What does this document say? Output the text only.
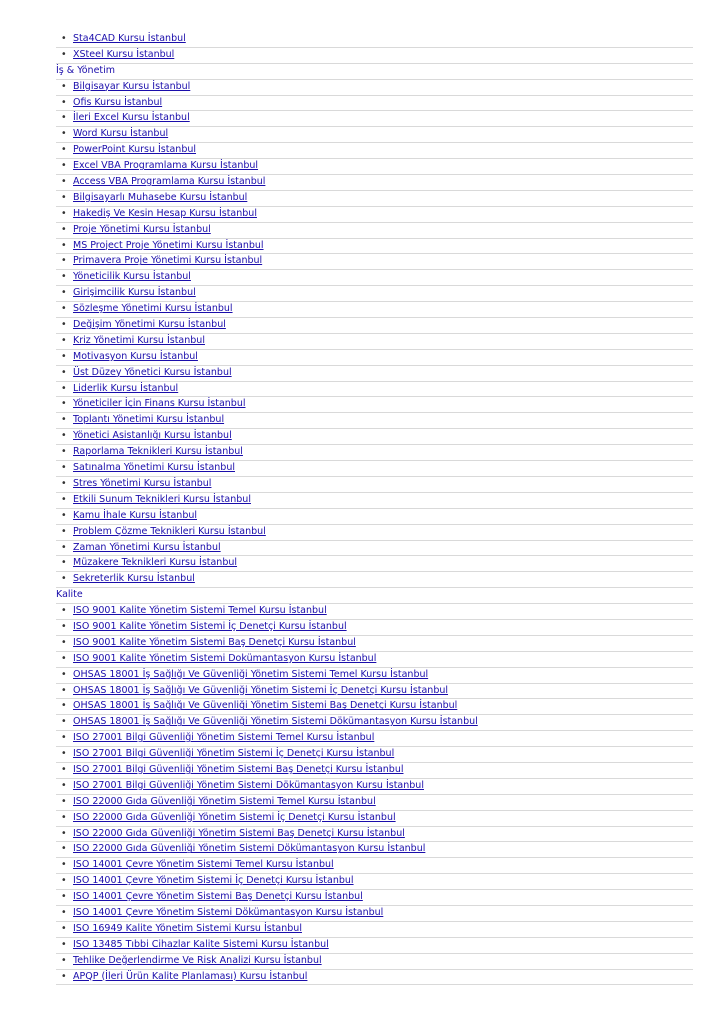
• Sta4CAD Kursu İstanbul
• XSteel Kursu İstanbul
İş & Yönetim
• Bilgisayar Kursu İstanbul
• Ofis Kursu İstanbul
• İleri Excel Kursu İstanbul
• Word Kursu İstanbul
• PowerPoint Kursu İstanbul
• Excel VBA Programlama Kursu İstanbul
• Access VBA Programlama Kursu İstanbul
• Bilgisayarlı Muhasebe Kursu İstanbul
• Hakediş Ve Kesin Hesap Kursu İstanbul
• Proje Yönetimi Kursu İstanbul
• MS Project Proje Yönetimi Kursu İstanbul
• Primavera Proje Yönetimi Kursu İstanbul
• Yöneticilik Kursu İstanbul
• Girişimcilik Kursu İstanbul
• Sözleşme Yönetimi Kursu İstanbul
• Değişim Yönetimi Kursu İstanbul
• Kriz Yönetimi Kursu İstanbul
• Motivasyon Kursu İstanbul
• Üst Düzey Yönetici Kursu İstanbul
• Liderlik Kursu İstanbul
• Yöneticiler İçin Finans Kursu İstanbul
• Toplantı Yönetimi Kursu İstanbul
• Yönetici Asistanlığı Kursu İstanbul
• Raporlama Teknikleri Kursu İstanbul
• Satınalma Yönetimi Kursu İstanbul
• Stres Yönetimi Kursu İstanbul
• Etkili Sunum Teknikleri Kursu İstanbul
• Kamu İhale Kursu İstanbul
• Problem Çözme Teknikleri Kursu İstanbul
• Zaman Yönetimi Kursu İstanbul
• Müzakere Teknikleri Kursu İstanbul
• Sekreterlik Kursu İstanbul
Kalite
• ISO 9001 Kalite Yönetim Sistemi Temel Kursu İstanbul
• ISO 9001 Kalite Yönetim Sistemi İç Denetçi Kursu İstanbul
• ISO 9001 Kalite Yönetim Sistemi Baş Denetçi Kursu İstanbul
• ISO 9001 Kalite Yönetim Sistemi Dokümantasyon Kursu İstanbul
• OHSAS 18001 İş Sağlığı Ve Güvenliği Yönetim Sistemi Temel Kursu İstanbul
• OHSAS 18001 İş Sağlığı Ve Güvenliği Yönetim Sistemi İç Denetçi Kursu İstanbul
• OHSAS 18001 İş Sağlığı Ve Güvenliği Yönetim Sistemi Baş Denetçi Kursu İstanbul
• OHSAS 18001 İş Sağlığı Ve Güvenliği Yönetim Sistemi Dökümantasyon Kursu İstanbul
• ISO 27001 Bilgi Güvenliği Yönetim Sistemi Temel Kursu İstanbul
• ISO 27001 Bilgi Güvenliği Yönetim Sistemi İç Denetçi Kursu İstanbul
• ISO 27001 Bilgi Güvenliği Yönetim Sistemi Baş Denetçi Kursu İstanbul
• ISO 27001 Bilgi Güvenliği Yönetim Sistemi Dökümantasyon Kursu İstanbul
• ISO 22000 Gıda Güvenliği Yönetim Sistemi Temel Kursu İstanbul
• ISO 22000 Gıda Güvenliği Yönetim Sistemi İç Denetçi Kursu İstanbul
• ISO 22000 Gıda Güvenliği Yönetim Sistemi Baş Denetçi Kursu İstanbul
• ISO 22000 Gıda Güvenliği Yönetim Sistemi Dökümantasyon Kursu İstanbul
• ISO 14001 Çevre Yönetim Sistemi Temel Kursu İstanbul
• ISO 14001 Çevre Yönetim Sistemi İç Denetçi Kursu İstanbul
• ISO 14001 Çevre Yönetim Sistemi Baş Denetçi Kursu İstanbul
• ISO 14001 Çevre Yönetim Sistemi Dökümantasyon Kursu İstanbul
• ISO 16949 Kalite Yönetim Sistemi Kursu İstanbul
• ISO 13485 Tıbbi Cihazlar Kalite Sistemi Kursu İstanbul
• Tehlike Değerlendirme Ve Risk Analizi Kursu İstanbul
• APQP (İleri Ürün Kalite Planlaması) Kursu İstanbul
